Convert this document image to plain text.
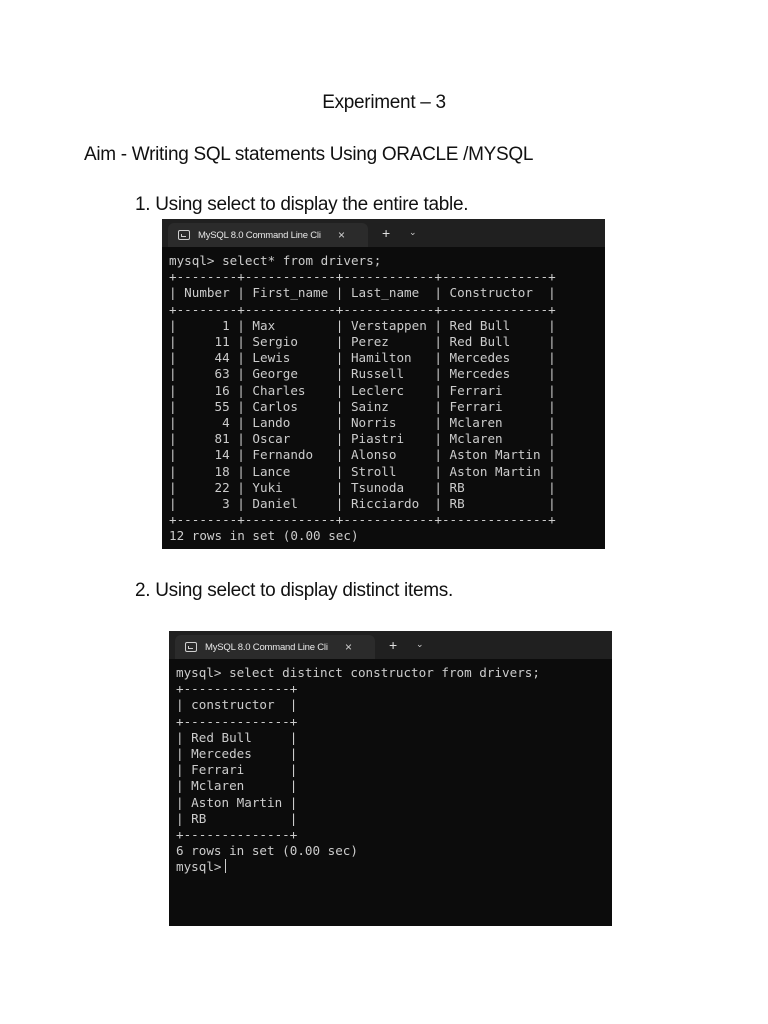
Experiment – 3
Aim - Writing SQL statements Using ORACLE /MYSQL
1. Using select to display the entire table.
MySQL 8.0 Command Line Cli	×	+ ⌄
mysql> select* from drivers;
+--------+------------+------------+--------------+
| Number | First_name | Last_name  | Constructor  |
+--------+------------+------------+--------------+
|      1 | Max        | Verstappen | Red Bull     |
|     11 | Sergio     | Perez      | Red Bull     |
|     44 | Lewis      | Hamilton   | Mercedes     |
|     63 | George     | Russell    | Mercedes     |
|     16 | Charles    | Leclerc    | Ferrari      |
|     55 | Carlos     | Sainz      | Ferrari      |
|      4 | Lando      | Norris     | Mclaren      |
|     81 | Oscar      | Piastri    | Mclaren      |
|     14 | Fernando   | Alonso     | Aston Martin |
|     18 | Lance      | Stroll     | Aston Martin |
|     22 | Yuki       | Tsunoda    | RB           |
|      3 | Daniel     | Ricciardo  | RB           |
+--------+------------+------------+--------------+
12 rows in set (0.00 sec)
2. Using select to display distinct items.
MySQL 8.0 Command Line Cli	×	+ ⌄
mysql> select distinct constructor from drivers;
+--------------+
| constructor  |
+--------------+
| Red Bull     |
| Mercedes     |
| Ferrari      |
| Mclaren      |
| Aston Martin |
| RB           |
+--------------+
6 rows in set (0.00 sec)
mysql>
